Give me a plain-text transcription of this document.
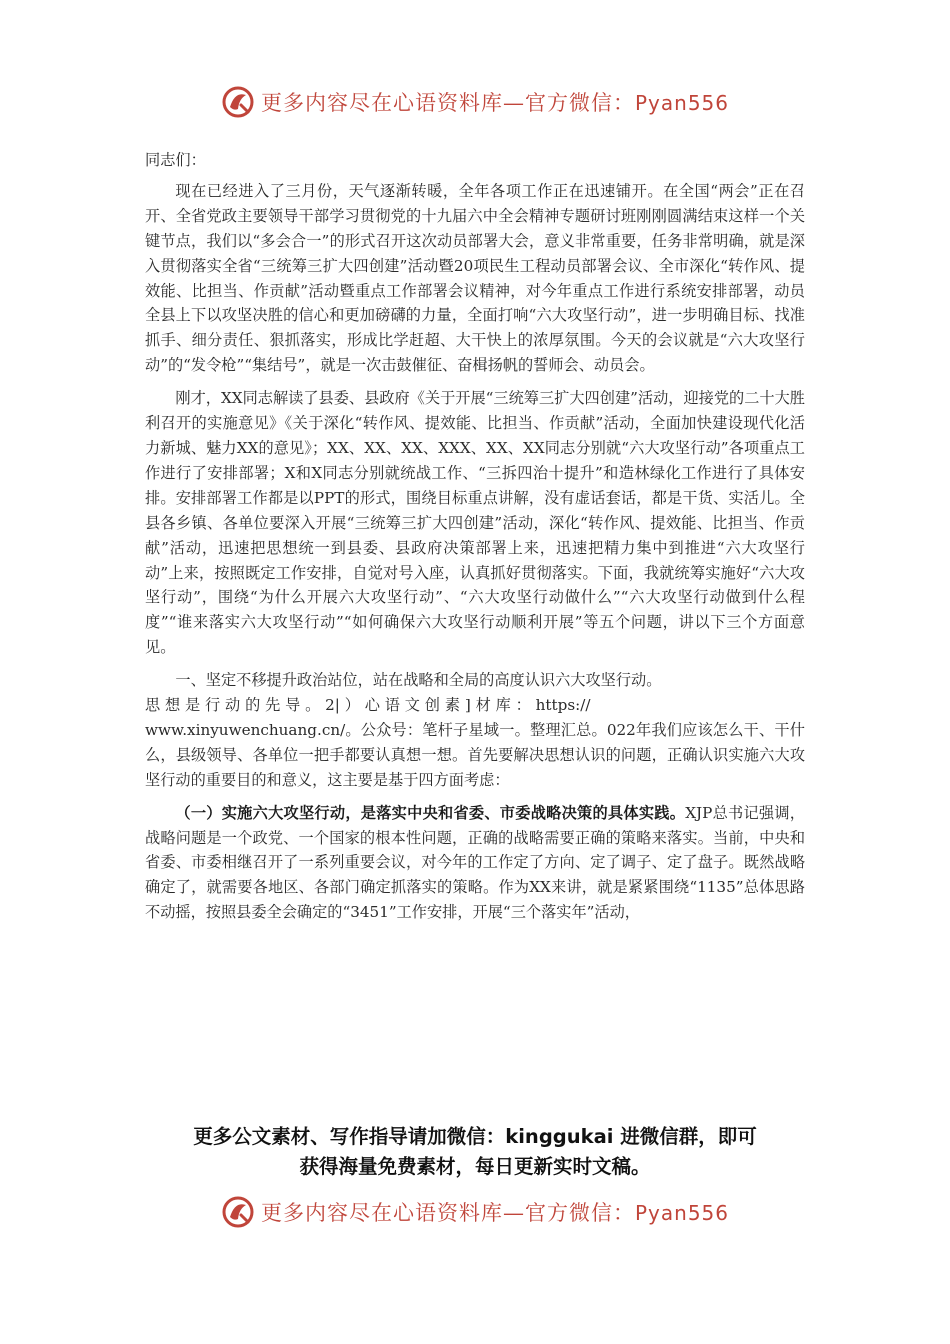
更多内容尽在心语资料库—官方微信：Pyan556

同志们：

现在已经进入了三月份，天气逐渐转暖，全年各项工作正在迅速铺开。在全国“两会”正在召开、全省党政主要领导干部学习贯彻党的十九届六中全会精神专题研讨班刚刚圆满结束这样一个关键节点，我们以“多会合一”的形式召开这次动员部署大会，意义非常重要，任务非常明确，就是深入贯彻落实全省“三统筹三扩大四创建”活动暨20项民生工程动员部署会议、全市深化“转作风、提效能、比担当、作贡献”活动暨重点工作部署会议精神，对今年重点工作进行系统安排部署，动员全县上下以攻坚决胜的信心和更加磅礴的力量，全面打响“六大攻坚行动”，进一步明确目标、找准抓手、细分责任、狠抓落实，形成比学赶超、大干快上的浓厚氛围。今天的会议就是“六大攻坚行动”的“发令枪”“集结号”，就是一次击鼓催征、奋楫扬帆的誓师会、动员会。

刚才，XX同志解读了县委、县政府《关于开展“三统筹三扩大四创建”活动，迎接党的二十大胜利召开的实施意见》《关于深化“转作风、提效能、比担当、作贡献”活动，全面加快建设现代化活力新城、魅力XX的意见》；XX、XX、XX、XXX、XX、XX同志分别就“六大攻坚行动”各项重点工作进行了安排部署；X和X同志分别就统战工作、“三拆四治十提升”和造林绿化工作进行了具体安排。安排部署工作都是以PPT的形式，围绕目标重点讲解，没有虚话套话，都是干货、实活儿。全县各乡镇、各单位要深入开展“三统筹三扩大四创建”活动，深化“转作风、提效能、比担当、作贡献”活动，迅速把思想统一到县委、县政府决策部署上来，迅速把精力集中到推进“六大攻坚行动”上来，按照既定工作安排，自觉对号入座，认真抓好贯彻落实。下面，我就统筹实施好“六大攻坚行动”，围绕“为什么开展六大攻坚行动”、“六大攻坚行动做什么”“六大攻坚行动做到什么程度”“谁来落实六大攻坚行动”“如何确保六大攻坚行动顺利开展”等五个问题，讲以下三个方面意见。

一、坚定不移提升政治站位，站在战略和全局的高度认识六大攻坚行动。

思 想 是 行 动 的 先 导 。 2| ） 心 语 文 创 素 ] 材 库 ： https://

www.xinyuwenchuang.cn/。公众号：笔杆子星域一。整理汇总。022年我们应该怎么干、干什么，县级领导、各单位一把手都要认真想一想。首先要解决思想认识的问题，正确认识实施六大攻坚行动的重要目的和意义，这主要是基于四方面考虑：

（一）实施六大攻坚行动，是落实中央和省委、市委战略决策的具体实践。XJP总书记强调，战略问题是一个政党、一个国家的根本性问题，正确的战略需要正确的策略来落实。当前，中央和省委、市委相继召开了一系列重要会议，对今年的工作定了方向、定了调子、定了盘子。既然战略确定了，就需要各地区、各部门确定抓落实的策略。作为XX来讲，就是紧紧围绕“1135”总体思路不动摇，按照县委全会确定的“3451”工作安排，开展“三个落实年”活动，

更多公文素材、写作指导请加微信：kinggukai 进微信群，即可
获得海量免费素材，每日更新实时文稿。
更多内容尽在心语资料库—官方微信：Pyan556
